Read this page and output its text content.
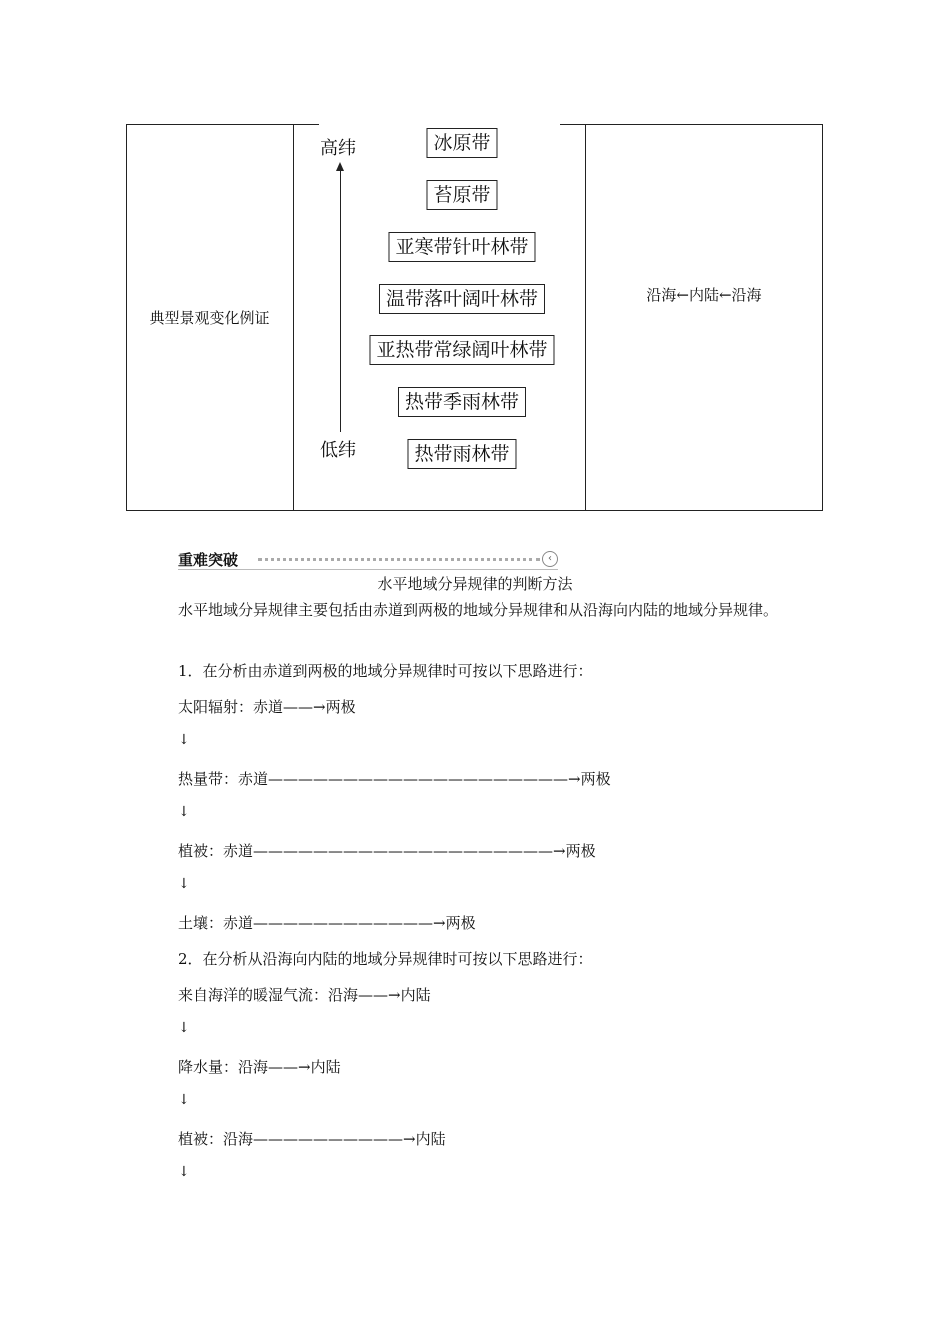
典型景观变化例证
高纬
低纬
冰原带
苔原带
亚寒带针叶林带
温带落叶阔叶林带
亚热带常绿阔叶林带
热带季雨林带
热带雨林带
沿海←内陆←沿海
重难突破	‹
水平地域分异规律的判断方法
水平地域分异规律主要包括由赤道到两极的地域分异规律和从沿海向内陆的地域分异规律。
1．在分析由赤道到两极的地域分异规律时可按以下思路进行：
太阳辐射：赤道——→两极
↓
热量带：赤道————————————————————→两极
↓
植被：赤道————————————————————→两极
↓
土壤：赤道————————————→两极
2．在分析从沿海向内陆的地域分异规律时可按以下思路进行：
来自海洋的暖湿气流：沿海——→内陆
↓
降水量：沿海——→内陆
↓
植被：沿海——————————→内陆
↓
